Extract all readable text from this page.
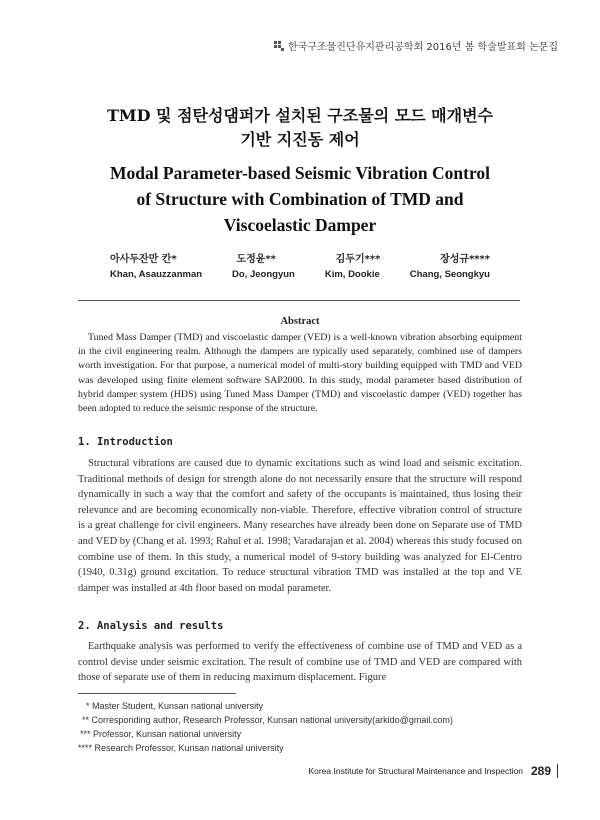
한국구조물진단유지관리공학회 2016년 봄 학술발표회 논문집
TMD 및 점탄성댐퍼가 설치된 구조물의 모드 매개변수
기반 지진동 제어
Modal Parameter-based Seismic Vibration Control
of Structure with Combination of TMD and
Viscoelastic Damper
아사두잔만 칸*	도정윤**	김두기***	장성규****
Khan, Asauzzanman	Do, Jeongyun	Kim, Dookie	Chang, Seongkyu
Abstract

Tuned Mass Damper (TMD) and viscoelastic damper (VED) is a well-known vibration absorbing equipment in the civil engineering realm. Although the dampers are typically used separately, combined use of dampers worth investigation. For that purpose, a numerical model of multi-story building equipped with TMD and VED was developed using finite element software SAP2000. In this study, modal parameter based distribution of hybrid damper system (HDS) using Tuned Mass Damper (TMD) and viscoelastic damper (VED) together has been adopted to reduce the seismic response of the structure.

1. Introduction

Structural vibrations are caused due to dynamic excitations such as wind load and seismic excitation. Traditional methods of design for strength alone do not necessarily ensure that the structure will respond dynamically in such a way that the comfort and safety of the occupants is maintained, thus losing their relevance and are becoming economically non-viable. Therefore, effective vibration control of structure is a great challenge for civil engineers. Many researches have already been done on Separate use of TMD and VED by (Chang et al. 1993; Rahul et al. 1998; Varadarajan et al. 2004) whereas this study focused on combine use of them. In this study, a numerical model of 9-story building was analyzed for El-Centro (1940, 0.31g) ground excitation. To reduce structural vibration TMD was installed at the top and VE damper was installed at 4th floor based on modal parameter.

2. Analysis and results

Earthquake analysis was performed to verify the effectiveness of combine use of TMD and VED as a control devise under seismic excitation. The result of combine use of TMD and VED are compared with those of separate use of them in reducing maximum displacement. Figure

* Master Student, Kunsan national university
** Corresponding author, Research Professor, Kunsan national university(arkido@gmail.com)
*** Professor, Kunsan national university
**** Research Professor, Kunsan national university
Korea Institute for Structural Maintenance and Inspection 289
